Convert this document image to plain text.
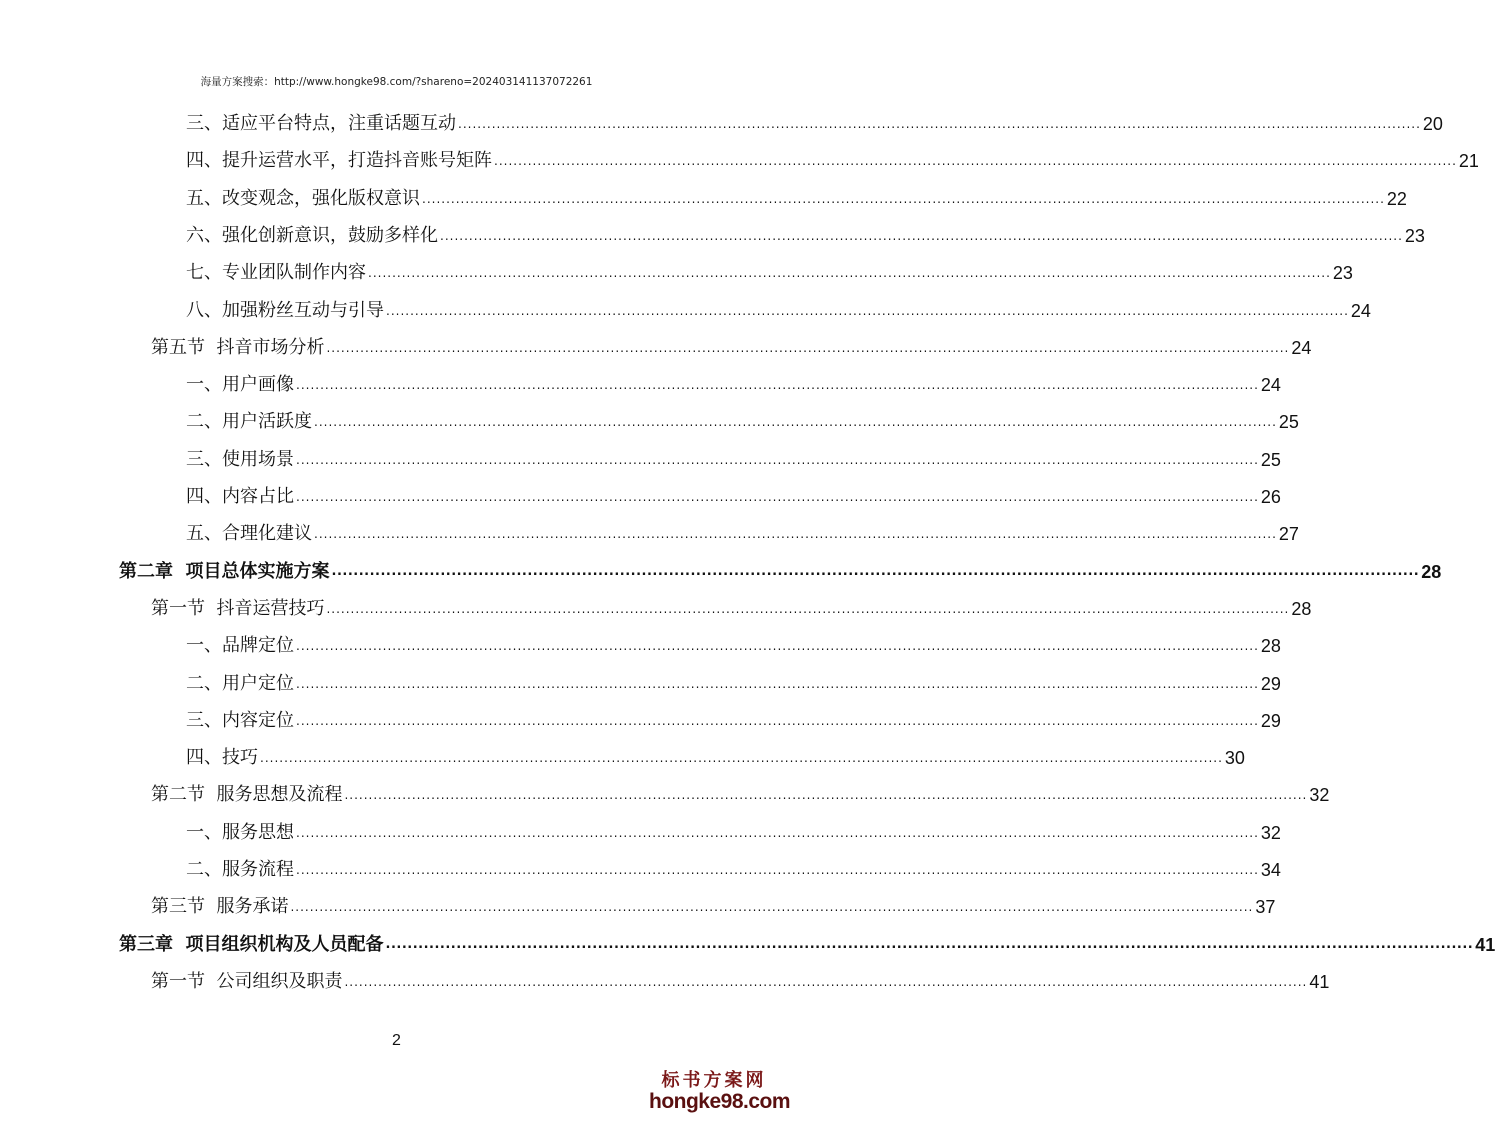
海量方案搜索：http://www.hongke98.com/?shareno=20240314113707226​1
三、适应平台特点，注重话题互动 ........................................................................................................................................................................................................ 20
四、提升运营水平，打造抖音账号矩阵 ........................................................................................................................................................................................................ 21
五、改变观念，强化版权意识 ........................................................................................................................................................................................................ 22
六、强化创新意识，鼓励多样化 ........................................................................................................................................................................................................ 23
七、专业团队制作内容 ........................................................................................................................................................................................................ 23
八、加强粉丝互动与引导 ........................................................................................................................................................................................................ 24
第五节  抖音市场分析 ........................................................................................................................................................................................................ 24
一、用户画像 ........................................................................................................................................................................................................ 24
二、用户活跃度 ........................................................................................................................................................................................................ 25
三、使用场景 ........................................................................................................................................................................................................ 25
四、内容占比 ........................................................................................................................................................................................................ 26
五、合理化建议 ........................................................................................................................................................................................................ 27
第二章  项目总体实施方案 ........................................................................................................................................................................................................ 28
第一节  抖音运营技巧 ........................................................................................................................................................................................................ 28
一、品牌定位 ........................................................................................................................................................................................................ 28
二、用户定位 ........................................................................................................................................................................................................ 29
三、内容定位 ........................................................................................................................................................................................................ 29
四、技巧 ........................................................................................................................................................................................................ 30
第二节  服务思想及流程 ........................................................................................................................................................................................................ 32
一、服务思想 ........................................................................................................................................................................................................ 32
二、服务流程 ........................................................................................................................................................................................................ 34
第三节  服务承诺 ........................................................................................................................................................................................................ 37
第三章  项目组织机构及人员配备 ........................................................................................................................................................................................................ 41
第一节  公司组织及职责 ........................................................................................................................................................................................................ 41
2
标书方案网
hongke98.com
